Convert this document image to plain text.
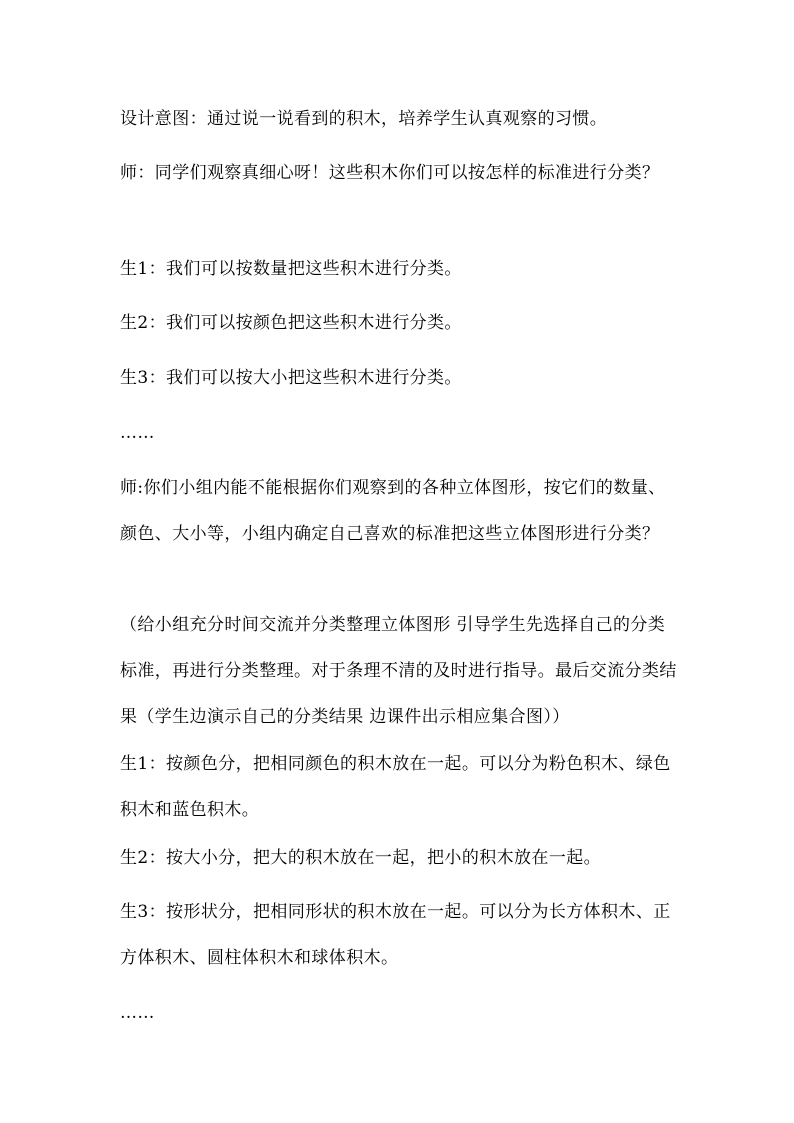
设计意图：通过说一说看到的积木，培养学生认真观察的习惯。

师：同学们观察真细心呀！这些积木你们可以按怎样的标准进行分类？

生1：我们可以按数量把这些积木进行分类。

生2：我们可以按颜色把这些积木进行分类。

生3：我们可以按大小把这些积木进行分类。

……

师:你们小组内能不能根据你们观察到的各种立体图形，按它们的数量、颜色、大小等，小组内确定自己喜欢的标准把这些立体图形进行分类？

（给小组充分时间交流并分类整理立体图形 引导学生先选择自己的分类标准，再进行分类整理。对于条理不清的及时进行指导。最后交流分类结果（学生边演示自己的分类结果 边课件出示相应集合图））

生1：按颜色分，把相同颜色的积木放在一起。可以分为粉色积木、绿色积木和蓝色积木。

生2：按大小分，把大的积木放在一起，把小的积木放在一起。

生3：按形状分，把相同形状的积木放在一起。可以分为长方体积木、正方体积木、圆柱体积木和球体积木。

……
